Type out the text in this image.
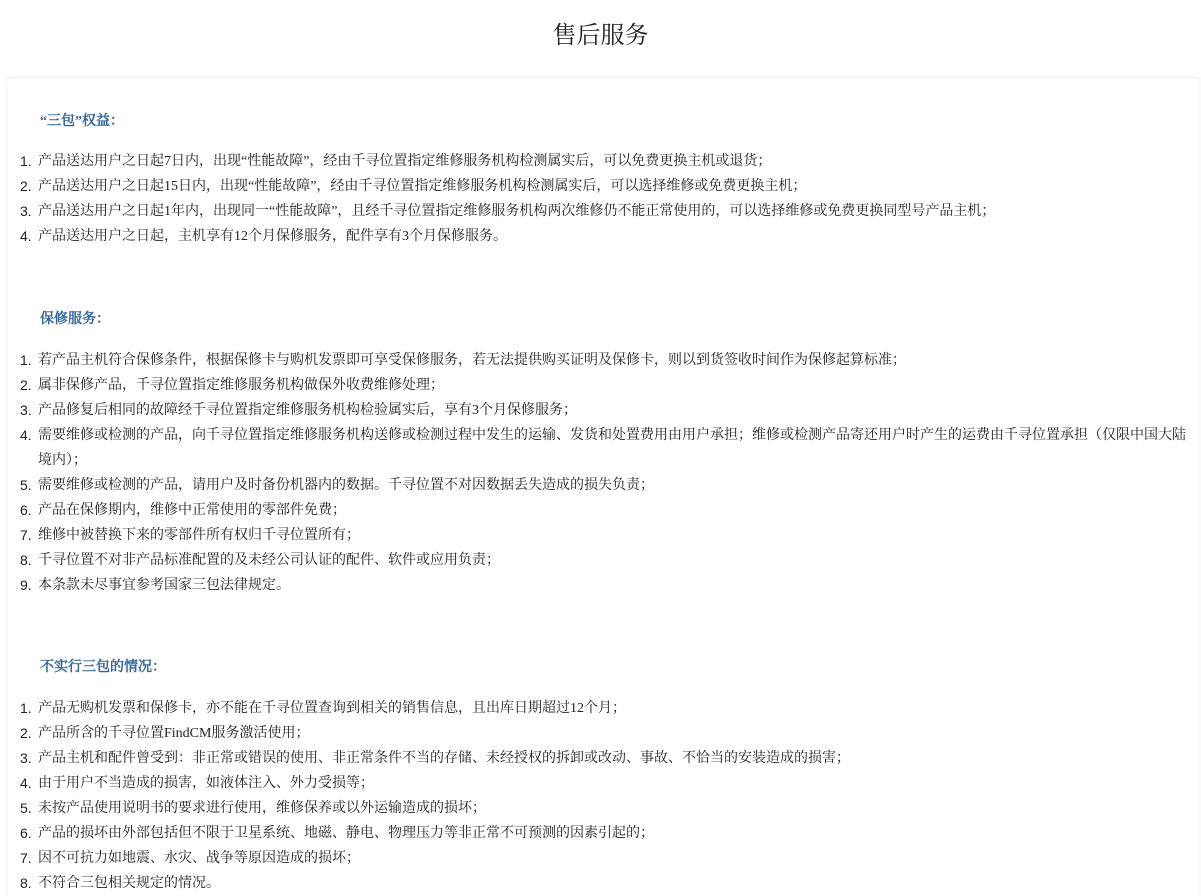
售后服务
“三包”权益：
1. 产品送达用户之日起7日内，出现“性能故障”，经由千寻位置指定维修服务机构检测属实后，可以免费更换主机或退货；
2. 产品送达用户之日起15日内，出现“性能故障”，经由千寻位置指定维修服务机构检测属实后，可以选择维修或免费更换主机；
3. 产品送达用户之日起1年内，出现同一“性能故障”，且经千寻位置指定维修服务机构两次维修仍不能正常使用的，可以选择维修或免费更换同型号产品主机；
4. 产品送达用户之日起，主机享有12个月保修服务，配件享有3个月保修服务。
保修服务：
1. 若产品主机符合保修条件，根据保修卡与购机发票即可享受保修服务，若无法提供购买证明及保修卡，则以到货签收时间作为保修起算标准；
2. 属非保修产品，千寻位置指定维修服务机构做保外收费维修处理；
3. 产品修复后相同的故障经千寻位置指定维修服务机构检验属实后，享有3个月保修服务；
4. 需要维修或检测的产品，向千寻位置指定维修服务机构送修或检测过程中发生的运输、发货和处置费用由用户承担；维修或检测产品寄还用户时产生的运费由千寻位置承担（仅限中国大陆境内）；
5. 需要维修或检测的产品，请用户及时备份机器内的数据。千寻位置不对因数据丢失造成的损失负责；
6. 产品在保修期内，维修中正常使用的零部件免费；
7. 维修中被替换下来的零部件所有权归千寻位置所有；
8. 千寻位置不对非产品标准配置的及未经公司认证的配件、软件或应用负责；
9. 本条款未尽事宜参考国家三包法律规定。
不实行三包的情况：
1. 产品无购机发票和保修卡，亦不能在千寻位置查询到相关的销售信息，且出库日期超过12个月；
2. 产品所含的千寻位置FindCM服务激活使用；
3. 产品主机和配件曾受到：非正常或错误的使用、非正常条件不当的存储、未经授权的拆卸或改动、事故、不恰当的安装造成的损害；
4. 由于用户不当造成的损害，如液体注入、外力受损等；
5. 未按产品使用说明书的要求进行使用，维修保养或以外运输造成的损坏；
6. 产品的损坏由外部包括但不限于卫星系统、地磁、静电、物理压力等非正常不可预测的因素引起的；
7. 因不可抗力如地震、水灾、战争等原因造成的损坏；
8. 不符合三包相关规定的情况。
